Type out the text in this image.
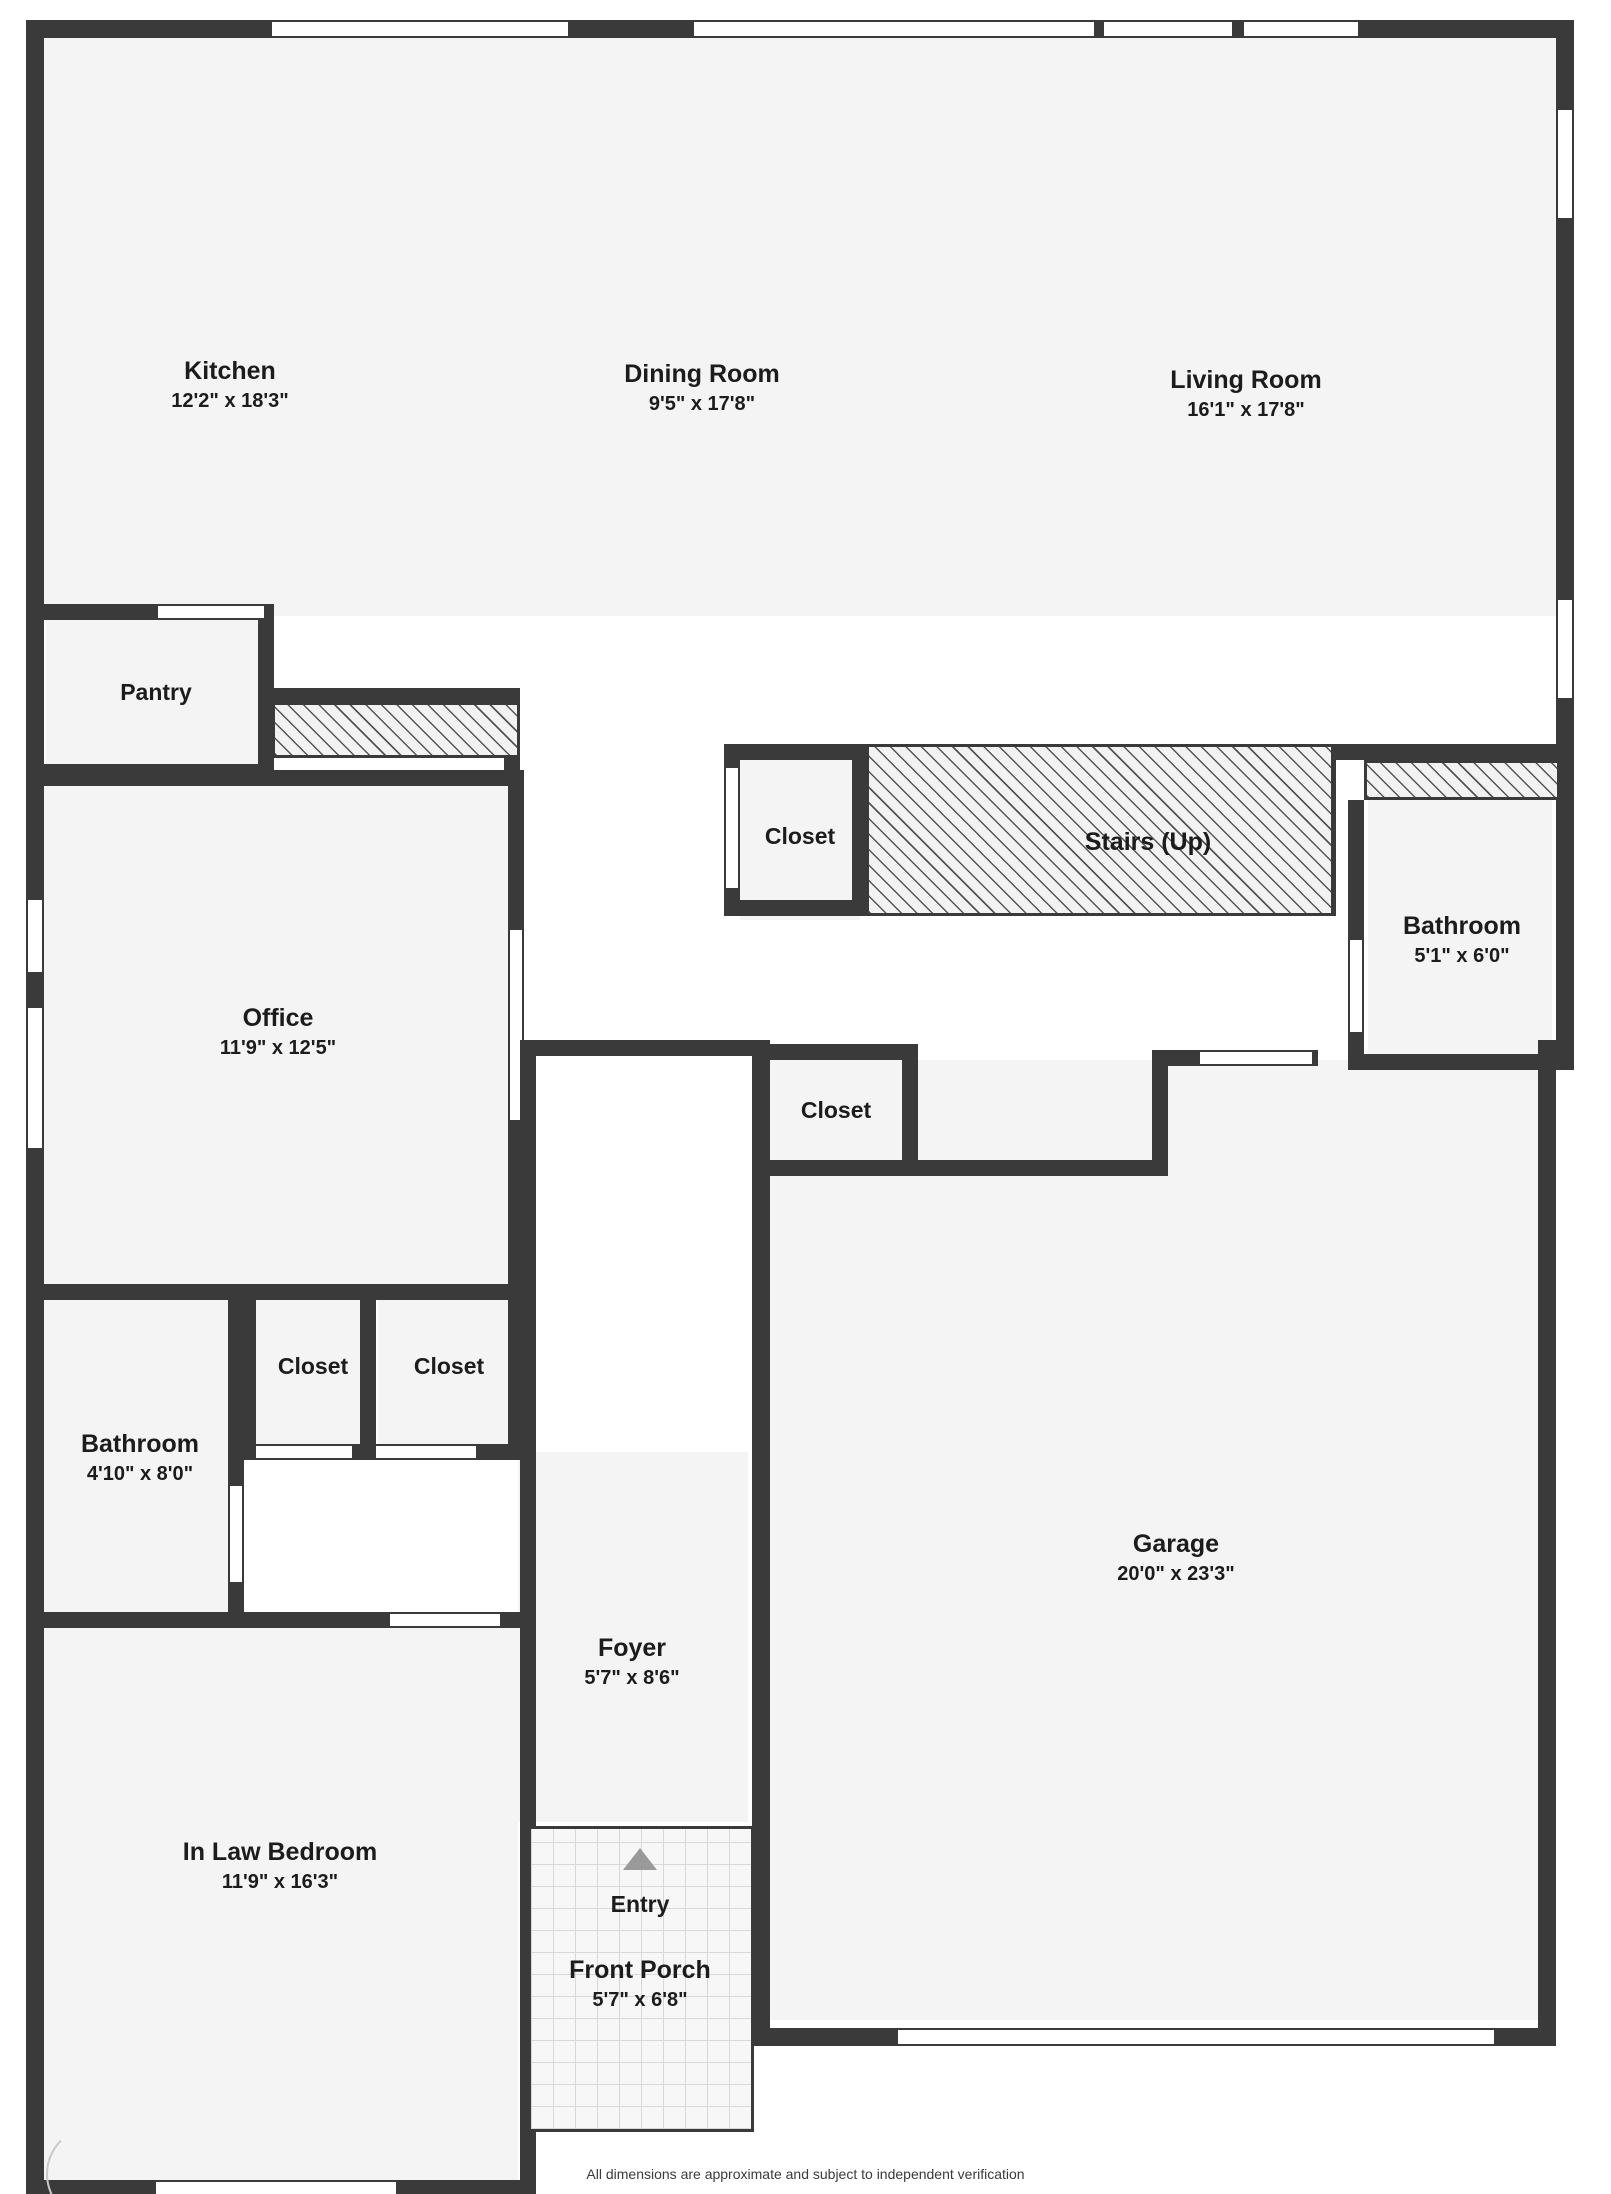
Kitchen
12'2" x 18'3"
Dining Room
9'5" x 17'8"
Living Room
16'1" x 17'8"
Pantry
Closet	Stairs (Up)
Bathroom
5'1" x 6'0"
Office
11'9" x 12'5"
Closet
Closet	Closet
Bathroom
4'10" x 8'0"
Foyer
5'7" x 8'6"
Garage
20'0" x 23'3"
In Law Bedroom
11'9" x 16'3"
Entry
Front Porch
5'7" x 6'8"
All dimensions are approximate and subject to independent verification
